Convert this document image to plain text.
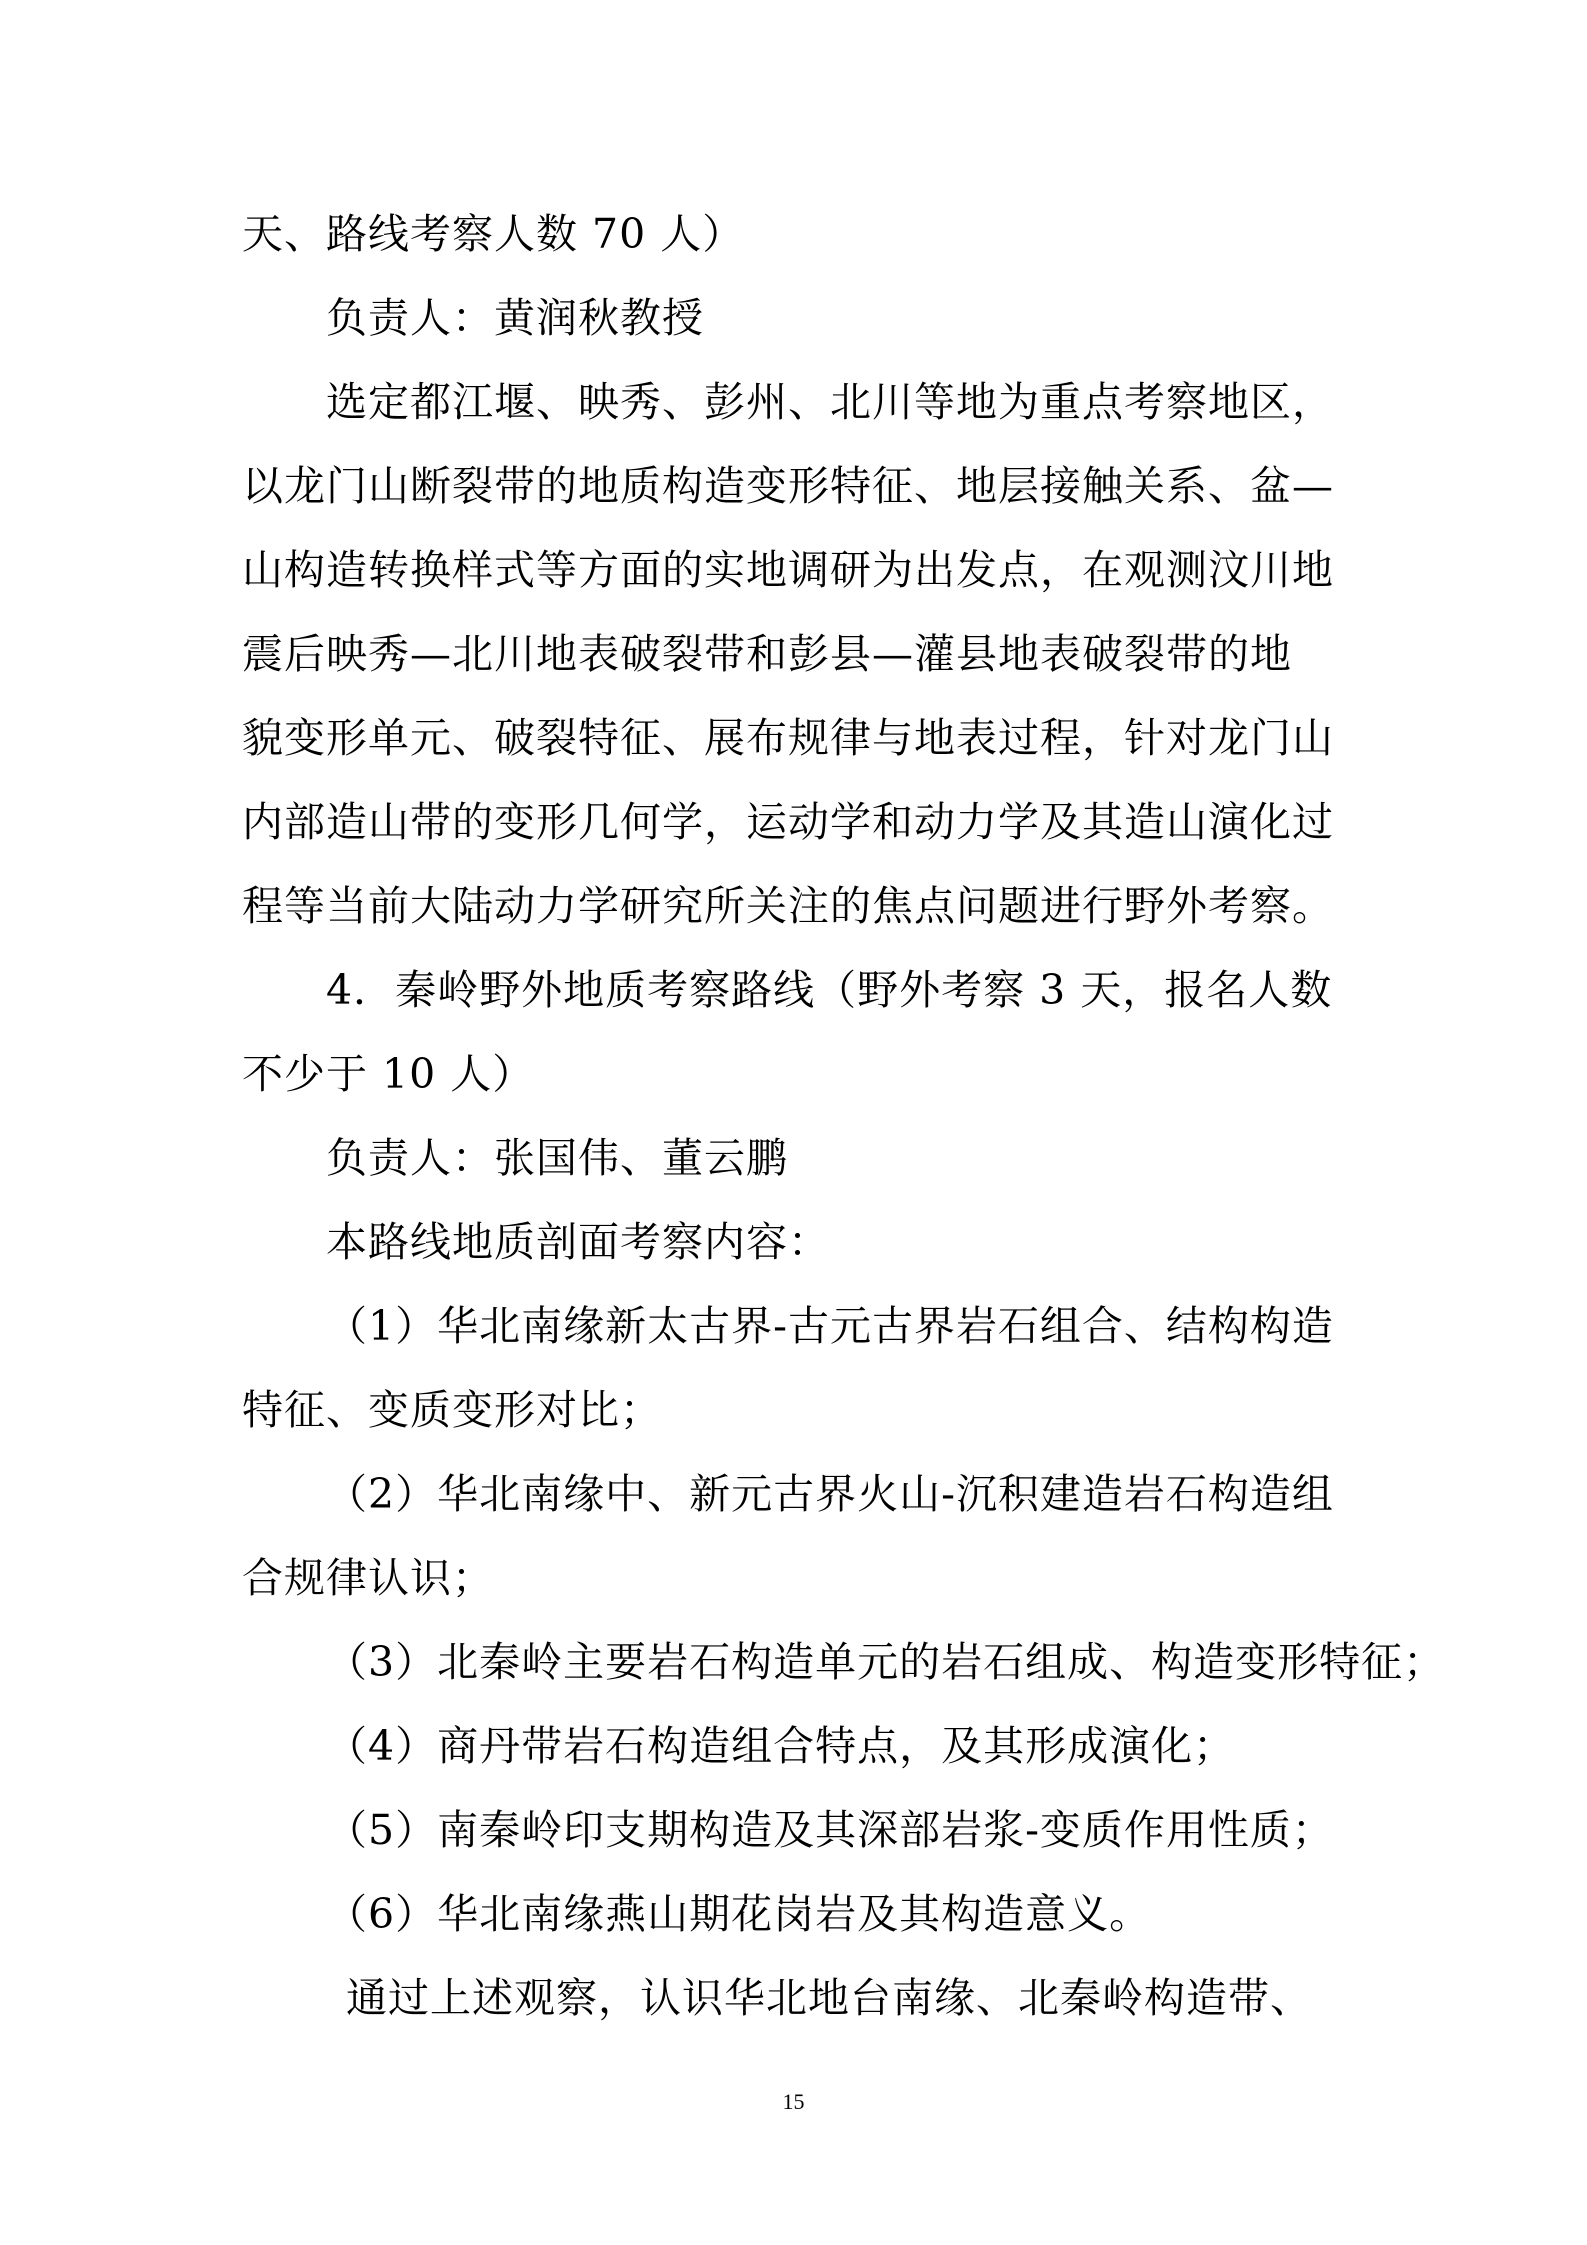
天、路线考察人数 70 人）
负责人：黄润秋教授
选定都江堰、映秀、彭州、北川等地为重点考察地区，
以龙门山断裂带的地质构造变形特征、地层接触关系、盆—
山构造转换样式等方面的实地调研为出发点，在观测汶川地
震后映秀—北川地表破裂带和彭县—灌县地表破裂带的地
貌变形单元、破裂特征、展布规律与地表过程，针对龙门山
内部造山带的变形几何学，运动学和动力学及其造山演化过
程等当前大陆动力学研究所关注的焦点问题进行野外考察。
4．秦岭野外地质考察路线（野外考察 3 天，报名人数
不少于 10 人）
负责人：张国伟、董云鹏
本路线地质剖面考察内容：
（1）华北南缘新太古界-古元古界岩石组合、结构构造
特征、变质变形对比；
（2）华北南缘中、新元古界火山-沉积建造岩石构造组
合规律认识；
（3）北秦岭主要岩石构造单元的岩石组成、构造变形特征；
（4）商丹带岩石构造组合特点，及其形成演化；
（5）南秦岭印支期构造及其深部岩浆-变质作用性质；
（6）华北南缘燕山期花岗岩及其构造意义。
通过上述观察，认识华北地台南缘、北秦岭构造带、
15
